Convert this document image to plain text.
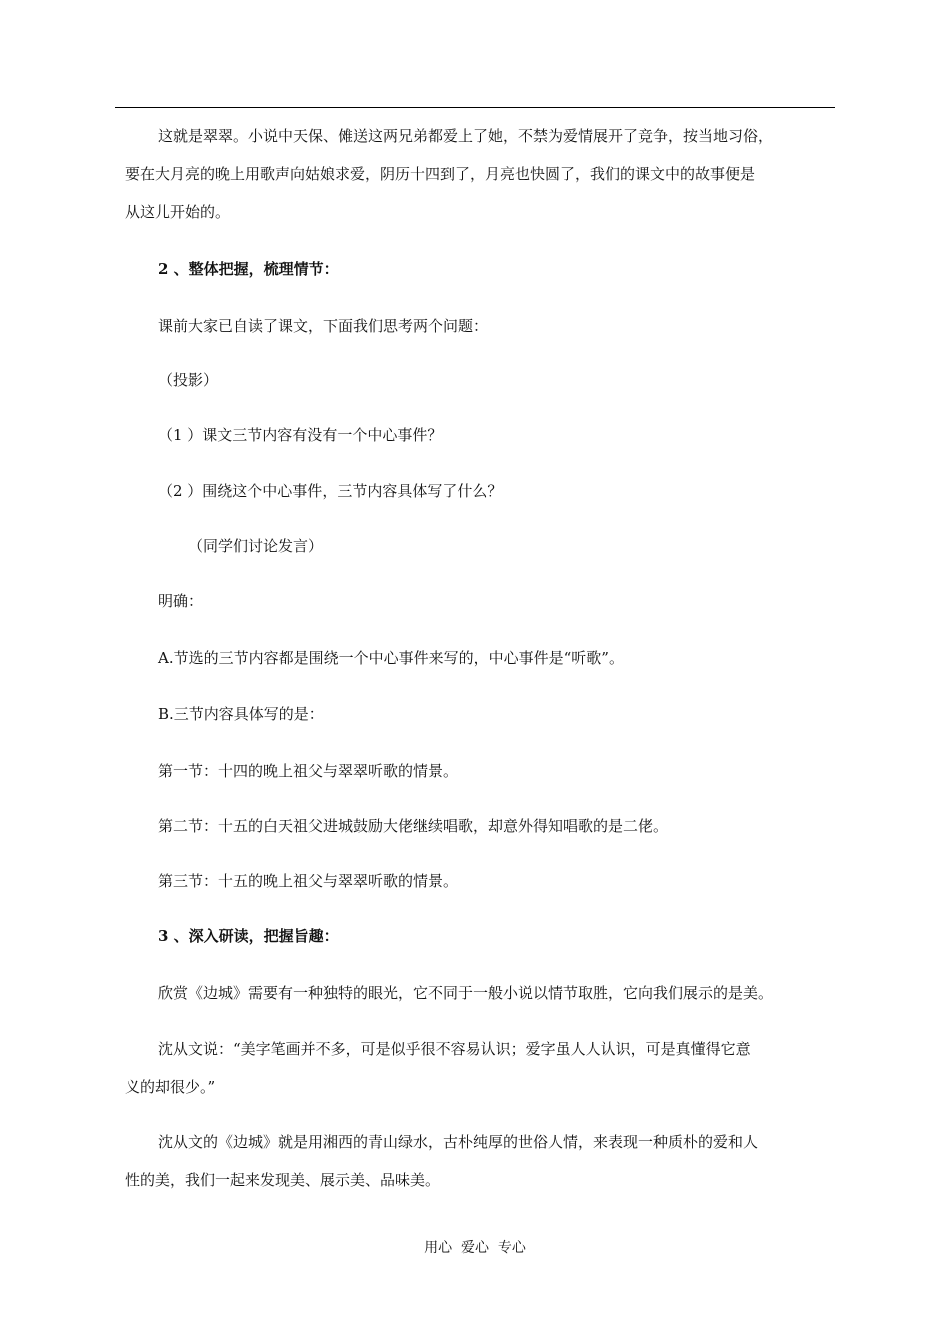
这就是翠翠。小说中天保、傩送这两兄弟都爱上了她，不禁为爱情展开了竞争，按当地习俗，
要在大月亮的晚上用歌声向姑娘求爱，阴历十四到了，月亮也快圆了，我们的课文中的故事便是
从这儿开始的。
2 、整体把握，梳理情节：
课前大家已自读了课文，下面我们思考两个问题：
（投影）
（1 ）课文三节内容有没有一个中心事件？
（2 ）围绕这个中心事件，三节内容具体写了什么？
（同学们讨论发言）
明确：
A.节选的三节内容都是围绕一个中心事件来写的，中心事件是“听歌”。
B.三节内容具体写的是：
第一节：十四的晚上祖父与翠翠听歌的情景。
第二节：十五的白天祖父进城鼓励大佬继续唱歌，却意外得知唱歌的是二佬。
第三节：十五的晚上祖父与翠翠听歌的情景。
3 、深入研读，把握旨趣：
欣赏《边城》需要有一种独特的眼光，它不同于一般小说以情节取胜，它向我们展示的是美。
沈从文说：“美字笔画并不多，可是似乎很不容易认识；爱字虽人人认识，可是真懂得它意
义的却很少。”
沈从文的《边城》就是用湘西的青山绿水，古朴纯厚的世俗人情，来表现一种质朴的爱和人
性的美，我们一起来发现美、展示美、品味美。
用心  爱心  专心
